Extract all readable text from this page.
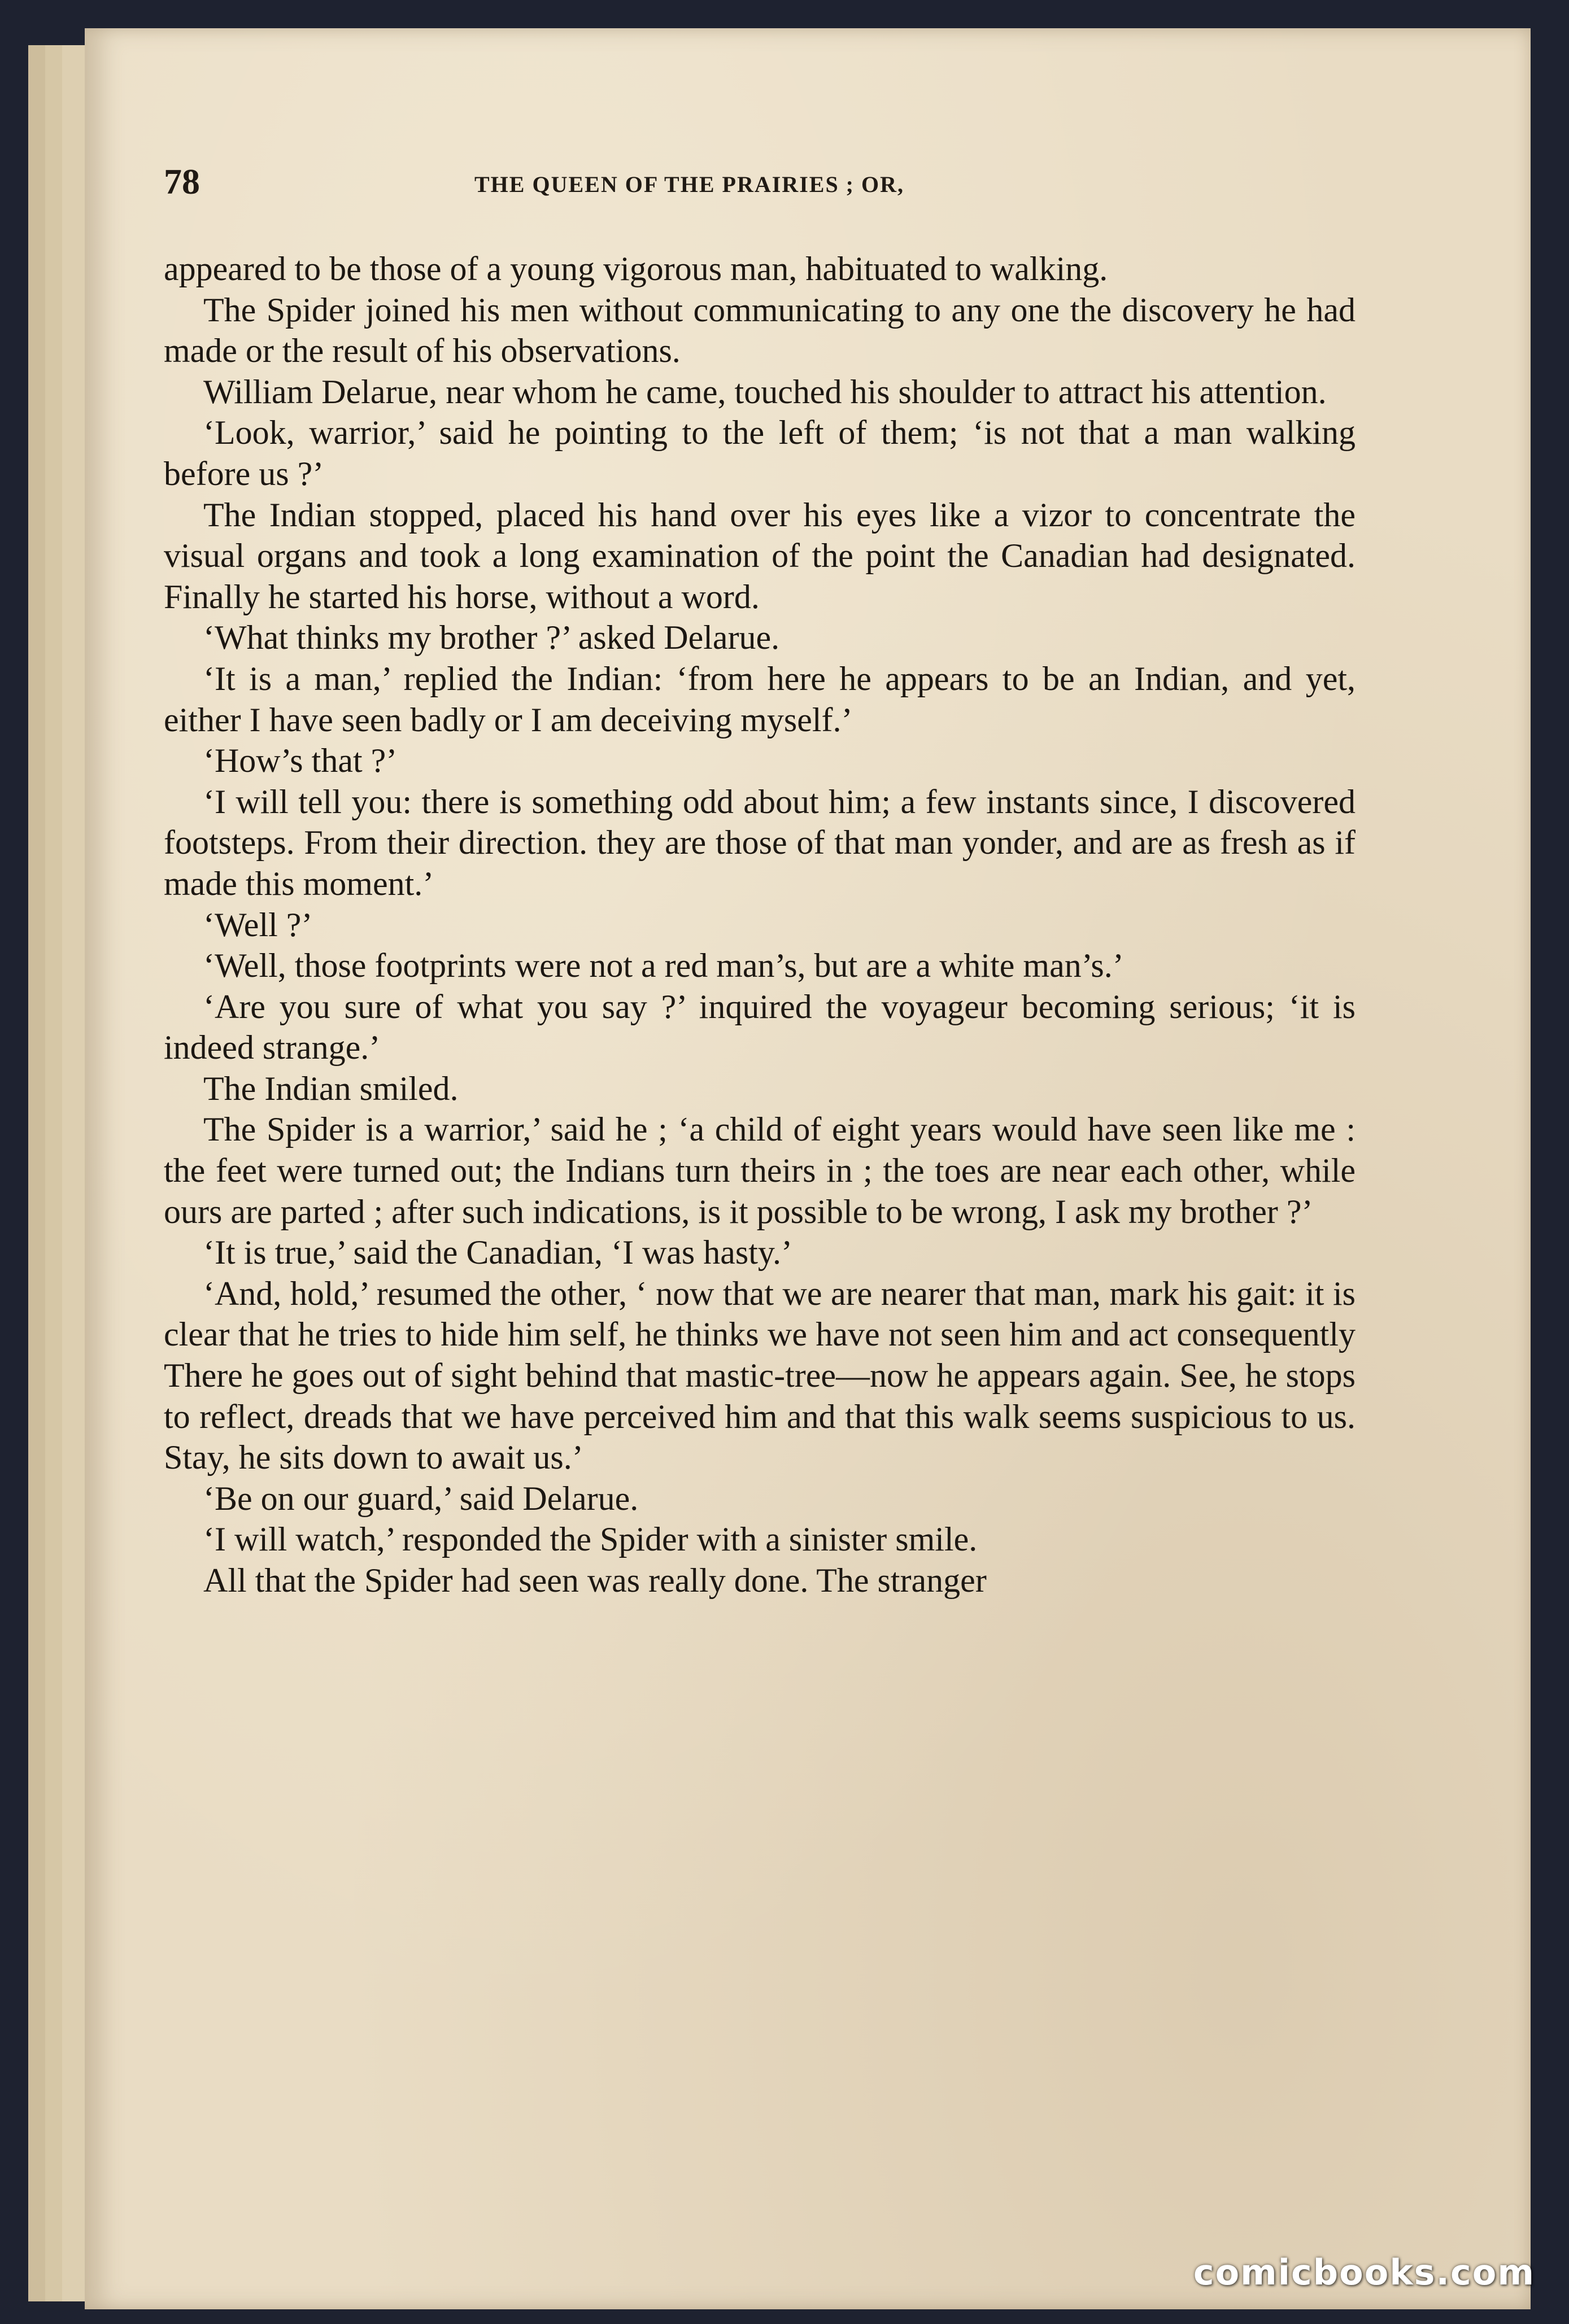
78	THE QUEEN OF THE PRAIRIES ; OR,

appeared to be those of a young vigorous man, habituated to walking.

The Spider joined his men without communicating to any one the discovery he had made or the result of his observations.

William Delarue, near whom he came, touched his shoulder to attract his attention.

‘Look, warrior,’ said he pointing to the left of them; ‘is not that a man walking before us ?’

The Indian stopped, placed his hand over his eyes like a vizor to concentrate the visual organs and took a long examination of the point the Canadian had designated. Finally he started his horse, without a word.

‘What thinks my brother ?’ asked Delarue.

‘It is a man,’ replied the Indian: ‘from here he appears to be an Indian, and yet, either I have seen badly or I am deceiving myself.’

‘How’s that ?’

‘I will tell you: there is something odd about him; a few instants since, I discovered footsteps. From their direction. they are those of that man yonder, and are as fresh as if made this moment.’

‘Well ?’

‘Well, those footprints were not a red man’s, but are a white man’s.’

‘Are you sure of what you say ?’ inquired the voyageur becoming serious; ‘it is indeed strange.’

The Indian smiled.

The Spider is a warrior,’ said he ; ‘a child of eight years would have seen like me : the feet were turned out; the Indians turn theirs in ; the toes are near each other, while ours are parted ; after such indications, is it possible to be wrong, I ask my brother ?’

‘It is true,’ said the Canadian, ‘I was hasty.’

‘And, hold,’ resumed the other, ‘ now that we are nearer that man, mark his gait: it is clear that he tries to hide him self, he thinks we have not seen him and act consequently There he goes out of sight behind that mastic-tree—now he appears again. See, he stops to reflect, dreads that we have perceived him and that this walk seems suspicious to us. Stay, he sits down to await us.’

‘Be on our guard,’ said Delarue.

‘I will watch,’ responded the Spider with a sinister smile.

All that the Spider had seen was really done. The stranger

comicbooks.com
